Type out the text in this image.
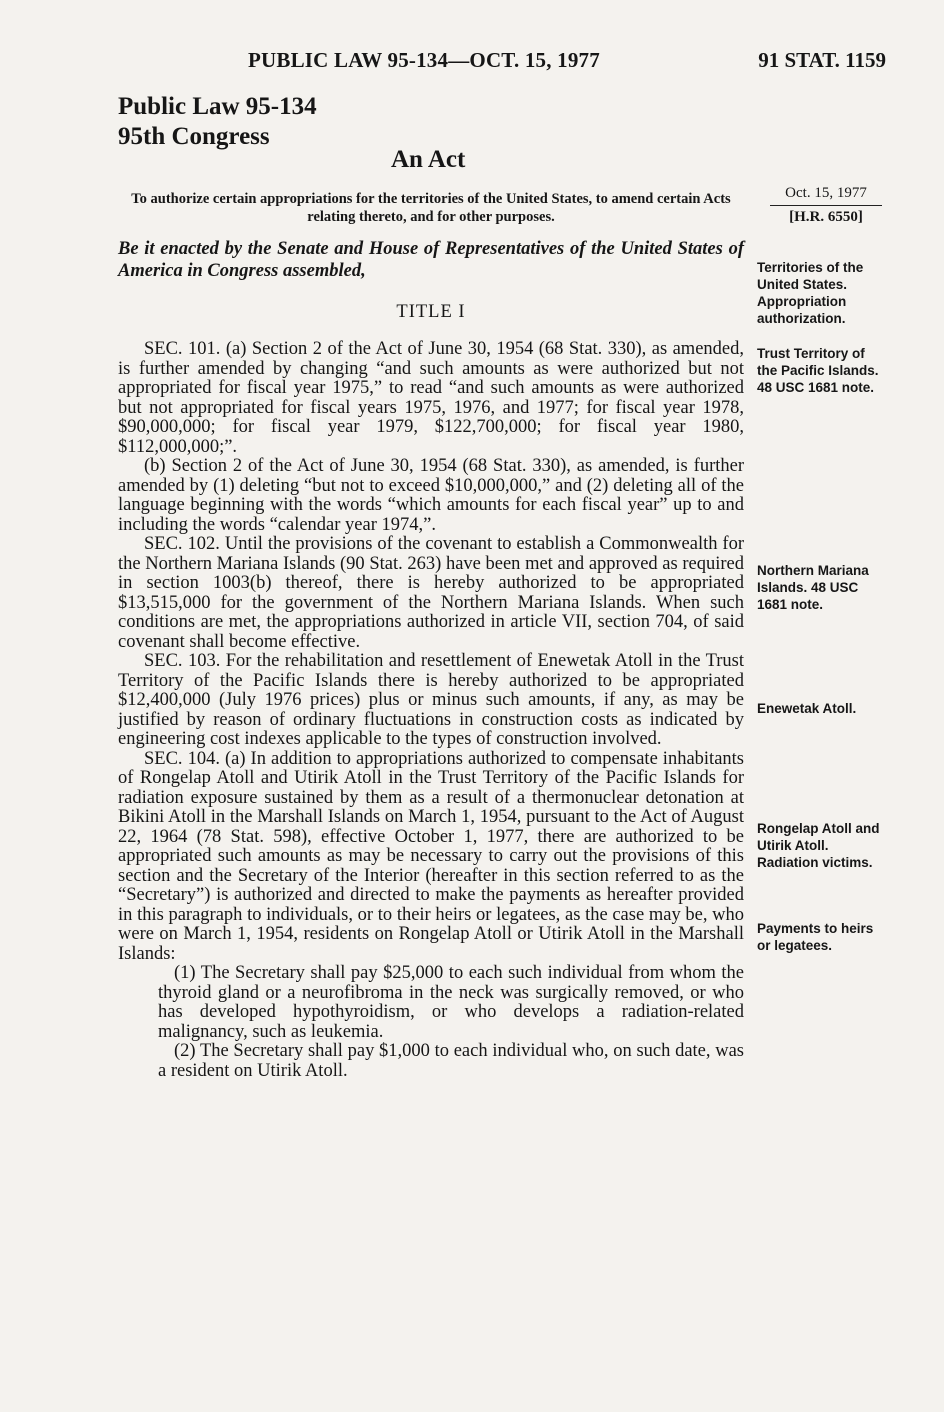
PUBLIC LAW 95-134—OCT. 15, 1977	91 STAT. 1159
Public Law 95-134
95th Congress
An Act
To authorize certain appropriations for the territories of the United States, to amend certain Acts relating thereto, and for other purposes.
Oct. 15, 1977
[H.R. 6550]
Be it enacted by the Senate and House of Representatives of the United States of America in Congress assembled,
TITLE I

SEC. 101. (a) Section 2 of the Act of June 30, 1954 (68 Stat. 330), as amended, is further amended by changing “and such amounts as were authorized but not appropriated for fiscal year 1975,” to read “and such amounts as were authorized but not appropriated for fiscal years 1975, 1976, and 1977; for fiscal year 1978, $90,000,000; for fiscal year 1979, $122,700,000; for fiscal year 1980, $112,000,000;”.

(b) Section 2 of the Act of June 30, 1954 (68 Stat. 330), as amended, is further amended by (1) deleting “but not to exceed $10,000,000,” and (2) deleting all of the language beginning with the words “which amounts for each fiscal year” up to and including the words “calendar year 1974,”.

SEC. 102. Until the provisions of the covenant to establish a Commonwealth for the Northern Mariana Islands (90 Stat. 263) have been met and approved as required in section 1003(b) thereof, there is hereby authorized to be appropriated $13,515,000 for the government of the Northern Mariana Islands. When such conditions are met, the appropriations authorized in article VII, section 704, of said covenant shall become effective.

SEC. 103. For the rehabilitation and resettlement of Enewetak Atoll in the Trust Territory of the Pacific Islands there is hereby authorized to be appropriated $12,400,000 (July 1976 prices) plus or minus such amounts, if any, as may be justified by reason of ordinary fluctuations in construction costs as indicated by engineering cost indexes applicable to the types of construction involved.

SEC. 104. (a) In addition to appropriations authorized to compensate inhabitants of Rongelap Atoll and Utirik Atoll in the Trust Territory of the Pacific Islands for radiation exposure sustained by them as a result of a thermonuclear detonation at Bikini Atoll in the Marshall Islands on March 1, 1954, pursuant to the Act of August 22, 1964 (78 Stat. 598), effective October 1, 1977, there are authorized to be appropriated such amounts as may be necessary to carry out the provisions of this section and the Secretary of the Interior (hereafter in this section referred to as the “Secretary”) is authorized and directed to make the payments as hereafter provided in this paragraph to individuals, or to their heirs or legatees, as the case may be, who were on March 1, 1954, residents on Rongelap Atoll or Utirik Atoll in the Marshall Islands:

(1) The Secretary shall pay $25,000 to each such individual from whom the thyroid gland or a neurofibroma in the neck was surgically removed, or who has developed hypothyroidism, or who develops a radiation-related malignancy, such as leukemia.

(2) The Secretary shall pay $1,000 to each individual who, on such date, was a resident on Utirik Atoll.

Territories of the United States. Appropriation authorization.
Trust Territory of the Pacific Islands. 48 USC 1681 note.
Northern Mariana Islands. 48 USC 1681 note.
Enewetak Atoll.
Rongelap Atoll and Utirik Atoll. Radiation victims.
Payments to heirs or legatees.
